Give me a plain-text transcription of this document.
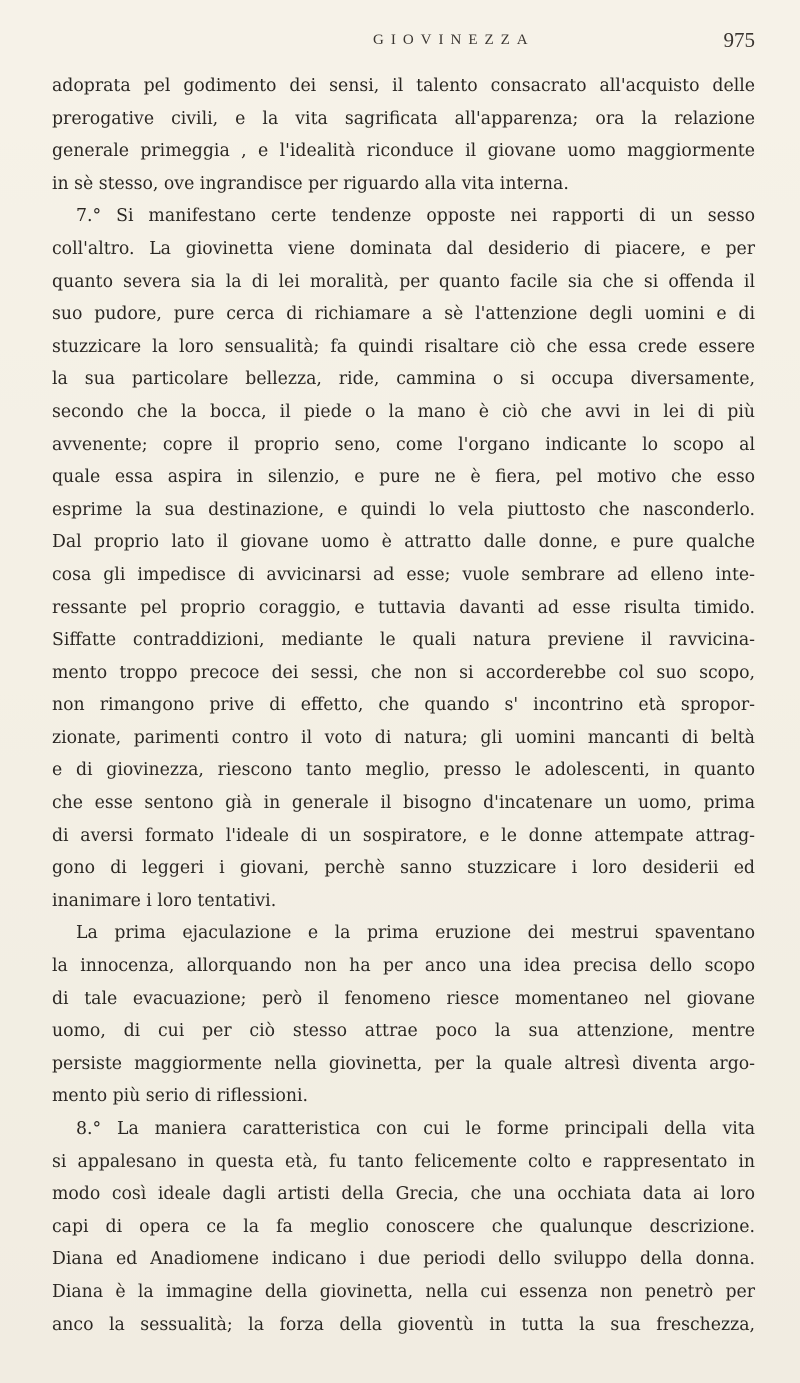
GIOVINEZZA	975
adoprata pel godimento dei sensi, il talento consacrato all'acquisto delle
prerogative civili, e la vita sagrificata all'apparenza; ora la relazione
generale primeggia , e l'idealità riconduce il giovane uomo maggiormente
in sè stesso, ove ingrandisce per riguardo alla vita interna.
7.° Si manifestano certe tendenze opposte nei rapporti di un sesso
coll'altro. La giovinetta viene dominata dal desiderio di piacere, e per
quanto severa sia la di lei moralità, per quanto facile sia che si offenda il
suo pudore, pure cerca di richiamare a sè l'attenzione degli uomini e di
stuzzicare la loro sensualità; fa quindi risaltare ciò che essa crede essere
la sua particolare bellezza, ride, cammina o si occupa diversamente,
secondo che la bocca, il piede o la mano è ciò che avvi in lei di più
avvenente; copre il proprio seno, come l'organo indicante lo scopo al
quale essa aspira in silenzio, e pure ne è fiera, pel motivo che esso
esprime la sua destinazione, e quindi lo vela piuttosto che nasconderlo.
Dal proprio lato il giovane uomo è attratto dalle donne, e pure qualche
cosa gli impedisce di avvicinarsi ad esse; vuole sembrare ad elleno inte-
ressante pel proprio coraggio, e tuttavia davanti ad esse risulta timido.
Siffatte contraddizioni, mediante le quali natura previene il ravvicina-
mento troppo precoce dei sessi, che non si accorderebbe col suo scopo,
non rimangono prive di effetto, che quando s' incontrino età spropor-
zionate, parimenti contro il voto di natura; gli uomini mancanti di beltà
e di giovinezza, riescono tanto meglio, presso le adolescenti, in quanto
che esse sentono già in generale il bisogno d'incatenare un uomo, prima
di aversi formato l'ideale di un sospiratore, e le donne attempate attrag-
gono di leggeri i giovani, perchè sanno stuzzicare i loro desiderii ed
inanimare i loro tentativi.
La prima ejaculazione e la prima eruzione dei mestrui spaventano
la innocenza, allorquando non ha per anco una idea precisa dello scopo
di tale evacuazione; però il fenomeno riesce momentaneo nel giovane
uomo, di cui per ciò stesso attrae poco la sua attenzione, mentre
persiste maggiormente nella giovinetta, per la quale altresì diventa argo-
mento più serio di riflessioni.
8.° La maniera caratteristica con cui le forme principali della vita
si appalesano in questa età, fu tanto felicemente colto e rappresentato in
modo così ideale dagli artisti della Grecia, che una occhiata data ai loro
capi di opera ce la fa meglio conoscere che qualunque descrizione.
Diana ed Anadiomene indicano i due periodi dello sviluppo della donna.
Diana è la immagine della giovinetta, nella cui essenza non penetrò per
anco la sessualità; la forza della gioventù in tutta la sua freschezza,
